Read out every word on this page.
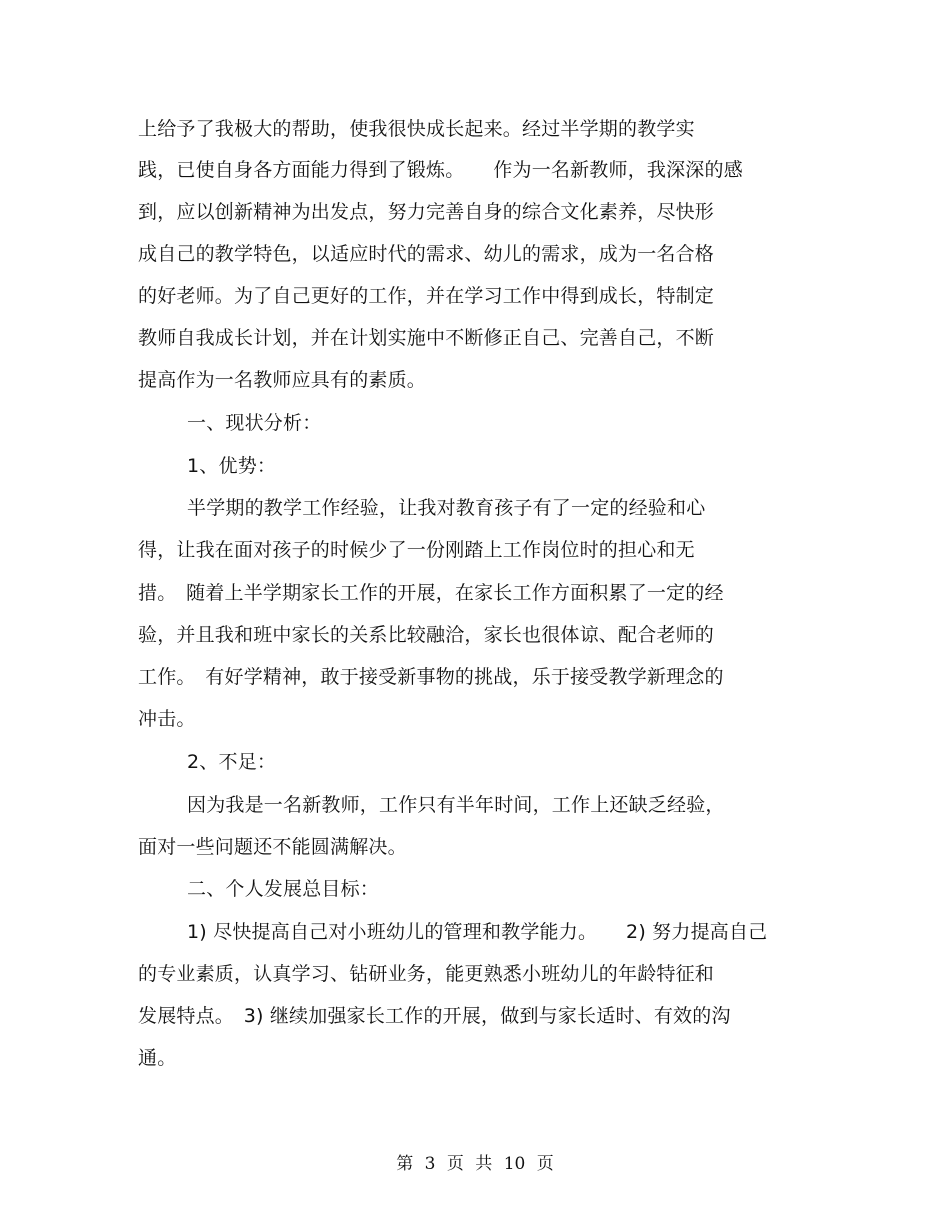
上给予了我极大的帮助，使我很快成长起来。经过半学期的教学实
践，已使自身各方面能力得到了锻炼。　　作为一名新教师，我深深的感
到，应以创新精神为出发点，努力完善自身的综合文化素养，尽快形
成自己的教学特色，以适应时代的需求、幼儿的需求，成为一名合格
的好老师。为了自己更好的工作，并在学习工作中得到成长，特制定
教师自我成长计划，并在计划实施中不断修正自己、完善自己，不断
提高作为一名教师应具有的素质。
一、现状分析：
1、优势：
半学期的教学工作经验，让我对教育孩子有了一定的经验和心
得，让我在面对孩子的时候少了一份刚踏上工作岗位时的担心和无
措。　随着上半学期家长工作的开展，在家长工作方面积累了一定的经
验，并且我和班中家长的关系比较融洽，家长也很体谅、配合老师的
工作。　有好学精神，敢于接受新事物的挑战，乐于接受教学新理念的
冲击。
2、不足：
因为我是一名新教师，工作只有半年时间，工作上还缺乏经验，
面对一些问题还不能圆满解决。
二、个人发展总目标：
1) 尽快提高自己对小班幼儿的管理和教学能力。　　2) 努力提高自己
的专业素质，认真学习、钻研业务，能更熟悉小班幼儿的年龄特征和
发展特点。　3) 继续加强家长工作的开展，做到与家长适时、有效的沟
通。
第 3 页 共 10 页
